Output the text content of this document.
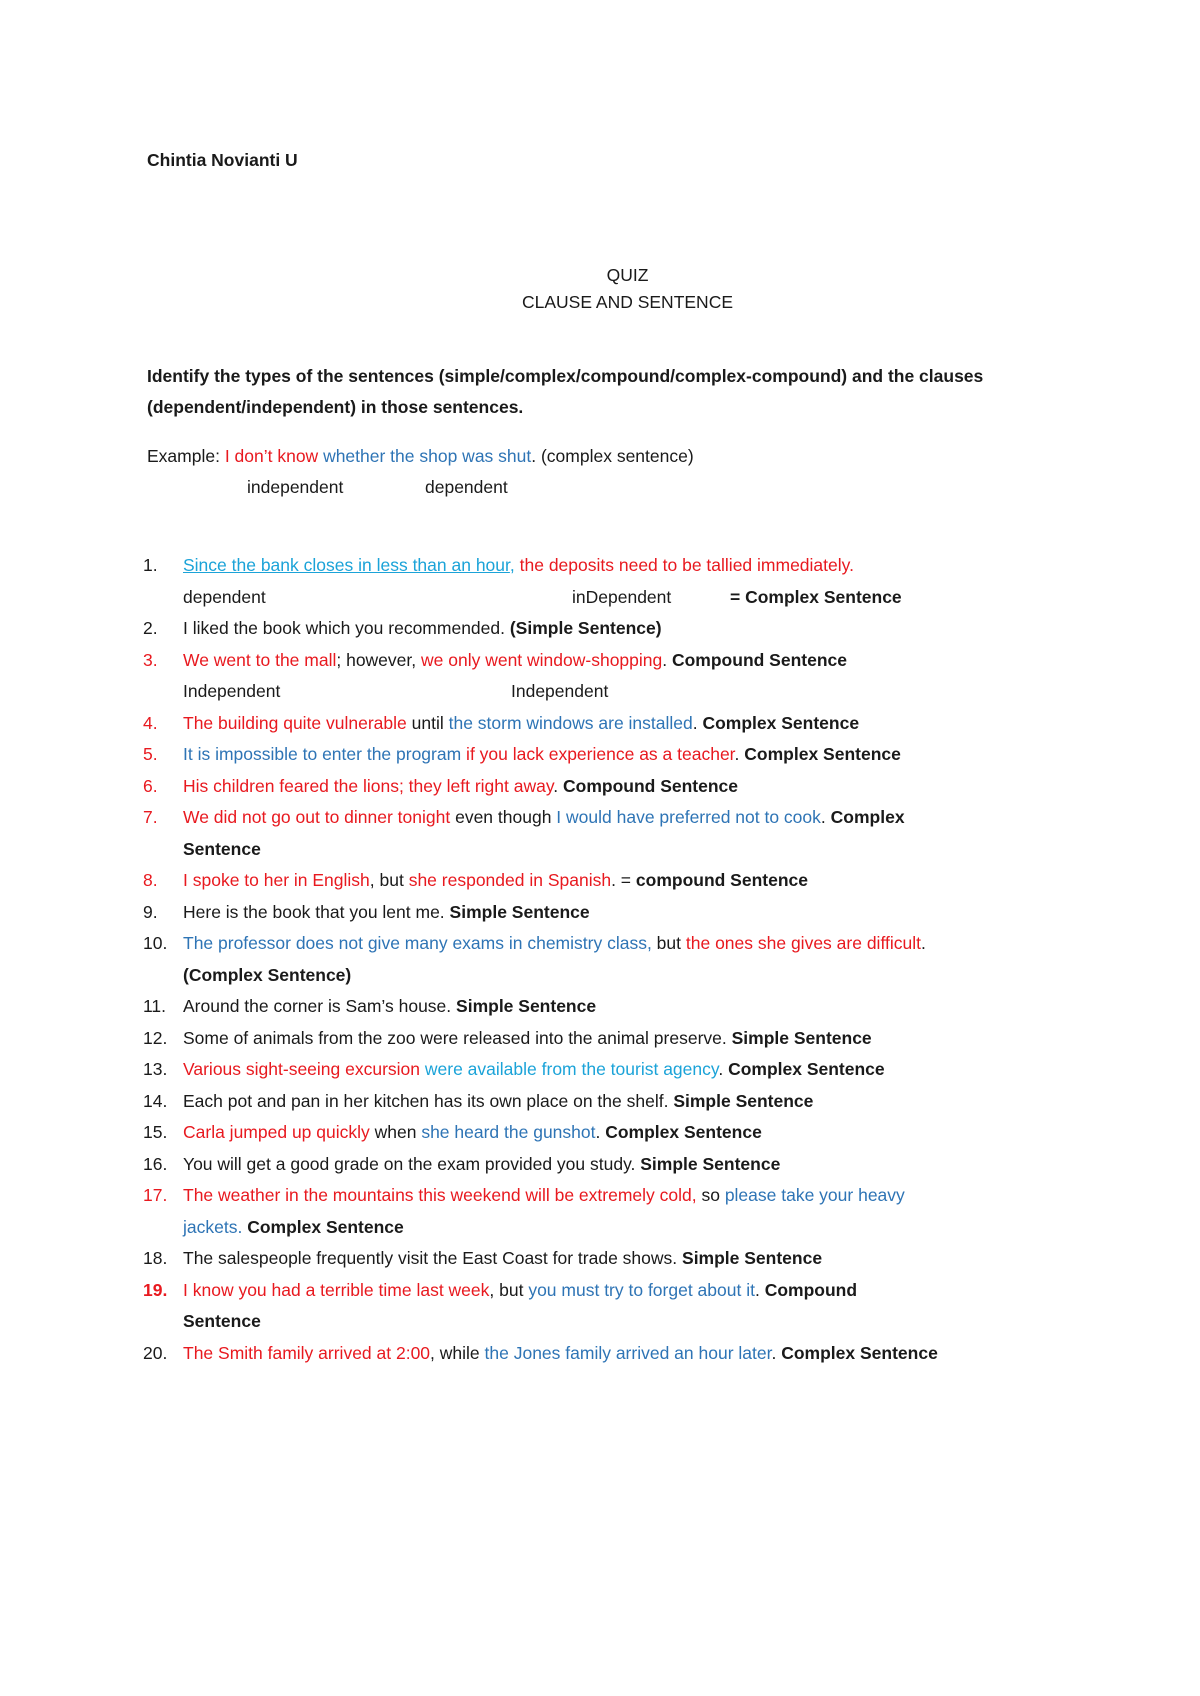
Chintia Novianti U
QUIZ
CLAUSE AND SENTENCE
Identify the types of the sentences (simple/complex/compound/complex-compound) and the clauses (dependent/independent) in those sentences.
Example: I don’t know whether the shop was shut. (complex sentence)
independent	dependent
1. Since the bank closes in less than an hour, the deposits need to be tallied immediately.
dependent	inDependent	= Complex Sentence
2. I liked the book which you recommended. (Simple Sentence)
3. We went to the mall; however, we only went window-shopping. Compound Sentence
Independent	Independent
4. The building quite vulnerable until the storm windows are installed. Complex Sentence
5. It is impossible to enter the program if you lack experience as a teacher. Complex Sentence
6. His children feared the lions; they left right away. Compound Sentence
7. We did not go out to dinner tonight even though I would have preferred not to cook. Complex
Sentence
8. I spoke to her in English, but she responded in Spanish. = compound Sentence
9. Here is the book that you lent me. Simple Sentence
10. The professor does not give many exams in chemistry class, but the ones she gives are difficult.
(Complex Sentence)
11. Around the corner is Sam’s house. Simple Sentence
12. Some of animals from the zoo were released into the animal preserve. Simple Sentence
13. Various sight-seeing excursion were available from the tourist agency. Complex Sentence
14. Each pot and pan in her kitchen has its own place on the shelf. Simple Sentence
15. Carla jumped up quickly when she heard the gunshot. Complex Sentence
16. You will get a good grade on the exam provided you study. Simple Sentence
17. The weather in the mountains this weekend will be extremely cold, so please take your heavy
jackets. Complex Sentence
18. The salespeople frequently visit the East Coast for trade shows. Simple Sentence
19. I know you had a terrible time last week, but you must try to forget about it. Compound
Sentence
20. The Smith family arrived at 2:00, while the Jones family arrived an hour later. Complex Sentence
